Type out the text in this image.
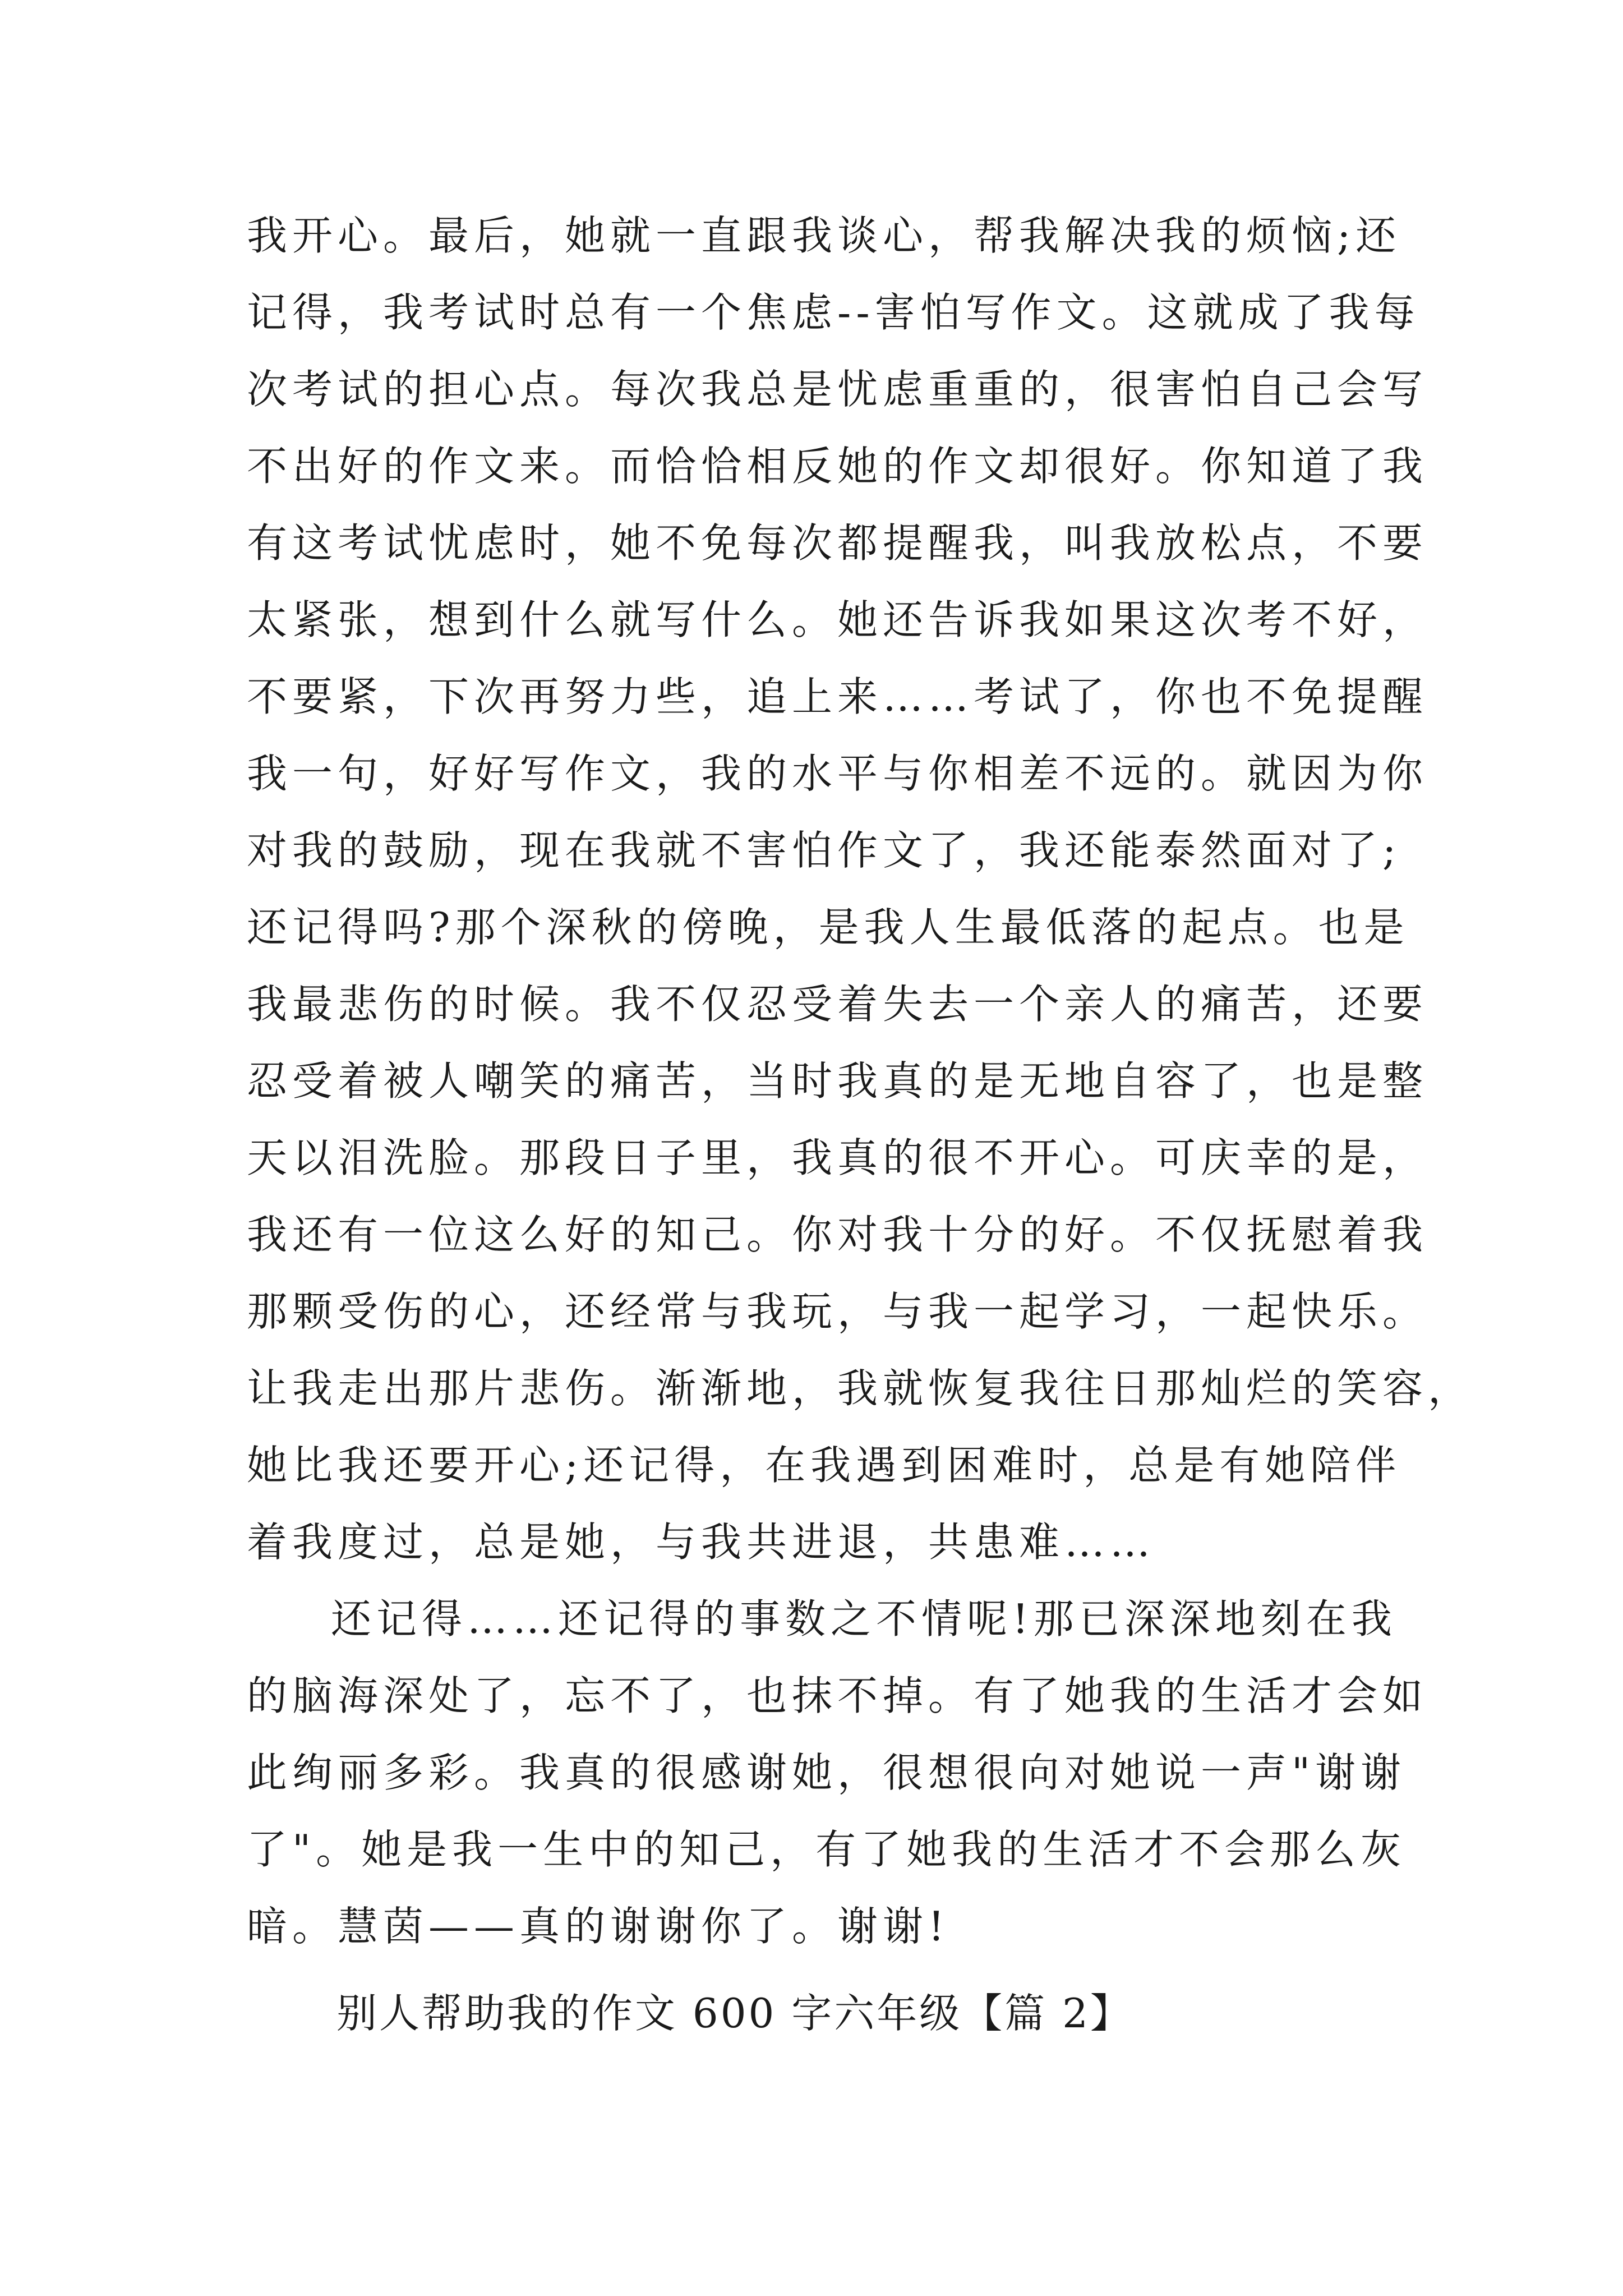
我开心。最后，她就一直跟我谈心，帮我解决我的烦恼;还
记得，我考试时总有一个焦虑--害怕写作文。这就成了我每
次考试的担心点。每次我总是忧虑重重的，很害怕自己会写
不出好的作文来。而恰恰相反她的作文却很好。你知道了我
有这考试忧虑时，她不免每次都提醒我，叫我放松点，不要
太紧张，想到什么就写什么。她还告诉我如果这次考不好，
不要紧，下次再努力些，追上来……考试了，你也不免提醒
我一句，好好写作文，我的水平与你相差不远的。就因为你
对我的鼓励，现在我就不害怕作文了，我还能泰然面对了;
还记得吗?那个深秋的傍晚，是我人生最低落的起点。也是
我最悲伤的时候。我不仅忍受着失去一个亲人的痛苦，还要
忍受着被人嘲笑的痛苦，当时我真的是无地自容了，也是整
天以泪洗脸。那段日子里，我真的很不开心。可庆幸的是，
我还有一位这么好的知己。你对我十分的好。不仅抚慰着我
那颗受伤的心，还经常与我玩，与我一起学习，一起快乐。
让我走出那片悲伤。渐渐地，我就恢复我往日那灿烂的笑容，
她比我还要开心;还记得，在我遇到困难时，总是有她陪伴
着我度过，总是她，与我共进退，共患难……
还记得……还记得的事数之不情呢!那已深深地刻在我
的脑海深处了，忘不了，也抹不掉。有了她我的生活才会如
此绚丽多彩。我真的很感谢她，很想很向对她说一声"谢谢
了"。她是我一生中的知己，有了她我的生活才不会那么灰
暗。慧茵——真的谢谢你了。谢谢!
别人帮助我的作文 600 字六年级【篇 2】
